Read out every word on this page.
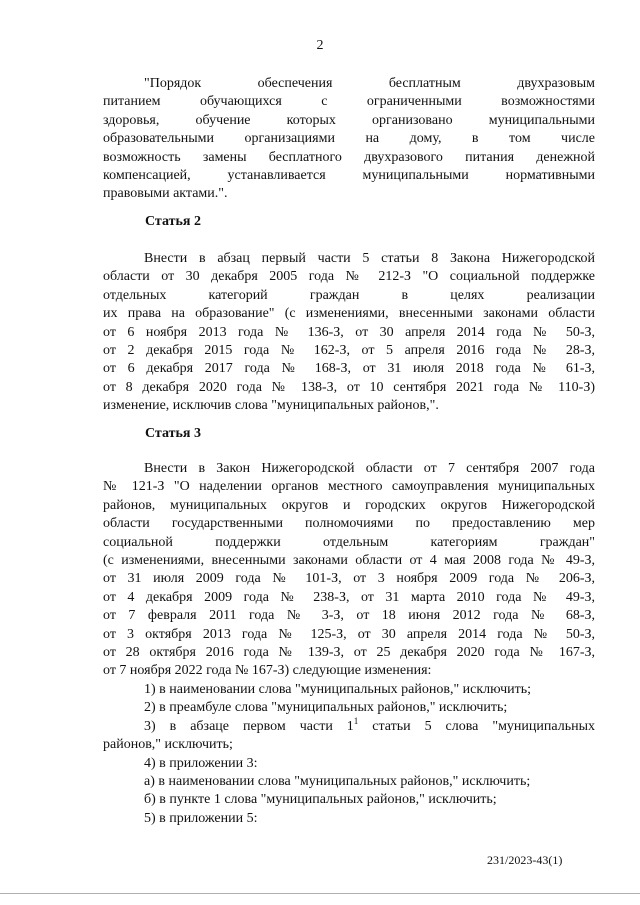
2

"Порядок обеспечения бесплатным двухразовым

питанием обучающихся с ограниченными возможностями

здоровья, обучение которых организовано муниципальными

образовательными организациями на дому, в том числе

возможность замены бесплатного двухразового питания денежной

компенсацией, устанавливается муниципальными нормативными

правовыми актами.".

Статья 2

Внести в абзац первый части 5 статьи 8 Закона Нижегородской

области от 30 декабря 2005 года № 212-З "О социальной поддержке

отдельных категорий граждан в целях реализации

их права на образование" (с изменениями, внесенными законами области

от 6 ноября 2013 года № 136-З, от 30 апреля 2014 года № 50-З,

от 2 декабря 2015 года № 162-З, от 5 апреля 2016 года № 28-З,

от 6 декабря 2017 года № 168-З, от 31 июля 2018 года № 61-З,

от 8 декабря 2020 года № 138-З, от 10 сентября 2021 года № 110-З)

изменение, исключив слова "муниципальных районов,".

Статья 3

Внести в Закон Нижегородской области от 7 сентября 2007 года

№ 121-З "О наделении органов местного самоуправления муниципальных

районов, муниципальных округов и городских округов Нижегородской

области государственными полномочиями по предоставлению мер

социальной поддержки отдельным категориям граждан"

(с изменениями, внесенными законами области от 4 мая 2008 года № 49-З,

от 31 июля 2009 года № 101-З, от 3 ноября 2009 года № 206-З,

от 4 декабря 2009 года № 238-З, от 31 марта 2010 года № 49-З,

от 7 февраля 2011 года № 3-З, от 18 июня 2012 года № 68-З,

от 3 октября 2013 года № 125-З, от 30 апреля 2014 года № 50-З,

от 28 октября 2016 года № 139-З, от 25 декабря 2020 года № 167-З,

от 7 ноября 2022 года № 167-З) следующие изменения:

1) в наименовании слова "муниципальных районов," исключить;

2) в преамбуле слова "муниципальных районов," исключить;

3) в абзаце первом части $1^1$ статьи 5 слова "муниципальных

районов," исключить;

4) в приложении 3:

а) в наименовании слова "муниципальных районов," исключить;

б) в пункте 1 слова "муниципальных районов," исключить;

5) в приложении 5:

231/2023-43(1)
